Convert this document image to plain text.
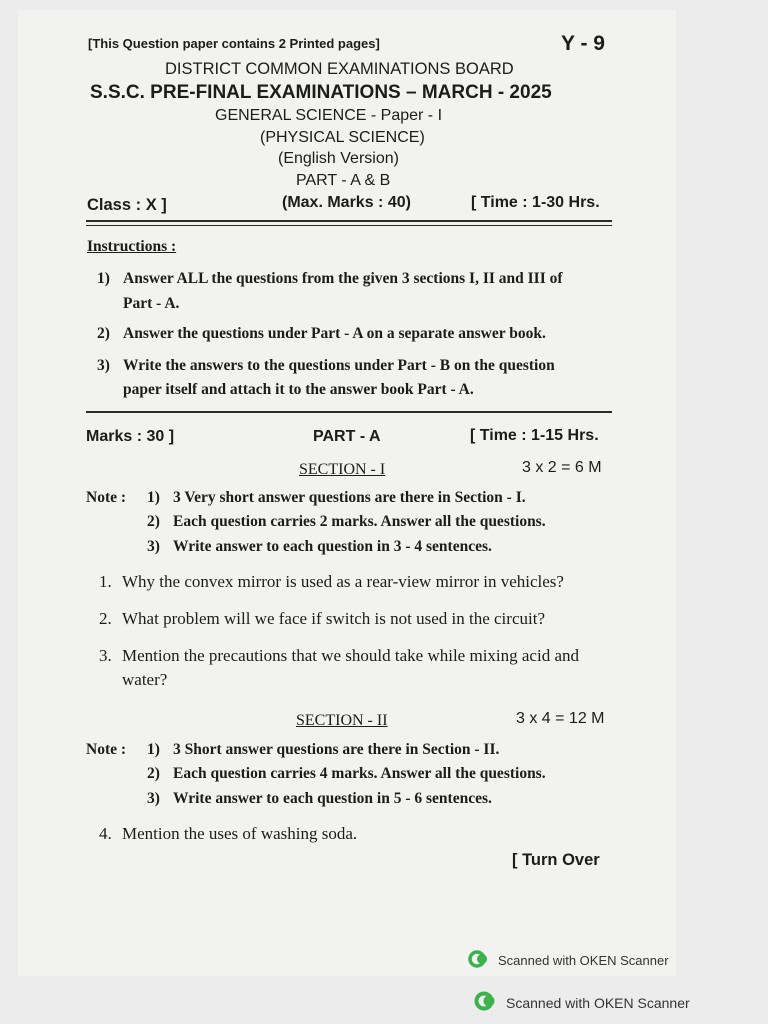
[This Question paper contains 2 Printed pages]	Y - 9
DISTRICT COMMON EXAMINATIONS BOARD
S.S.C. PRE-FINAL EXAMINATIONS – MARCH - 2025
GENERAL SCIENCE - Paper - I
(PHYSICAL SCIENCE)
(English Version)
PART - A & B
Class : X ]	(Max. Marks : 40)	[ Time : 1-30 Hrs.
Instructions :
1) Answer ALL the questions from the given 3 sections I, II and III of
Part - A.
2) Answer the questions under Part - A on a separate answer book.
3) Write the answers to the questions under Part - B on the question
paper itself and attach it to the answer book Part - A.
Marks : 30 ]	PART - A	[ Time : 1-15 Hrs.
SECTION - I	3 x 2 = 6 M
Note : 1) 3 Very short answer questions are there in Section - I.
2) Each question carries 2 marks. Answer all the questions.
3) Write answer to each question in 3 - 4 sentences.
1. Why the convex mirror is used as a rear-view mirror in vehicles?
2. What problem will we face if switch is not used in the circuit?
3. Mention the precautions that we should take while mixing acid and
water?
SECTION - II	3 x 4 = 12 M
Note : 1) 3 Short answer questions are there in Section - II.
2) Each question carries 4 marks. Answer all the questions.
3) Write answer to each question in 5 - 6 sentences.
4. Mention the uses of washing soda.
[ Turn Over
Scanned with OKEN Scanner
Scanned with OKEN Scanner
